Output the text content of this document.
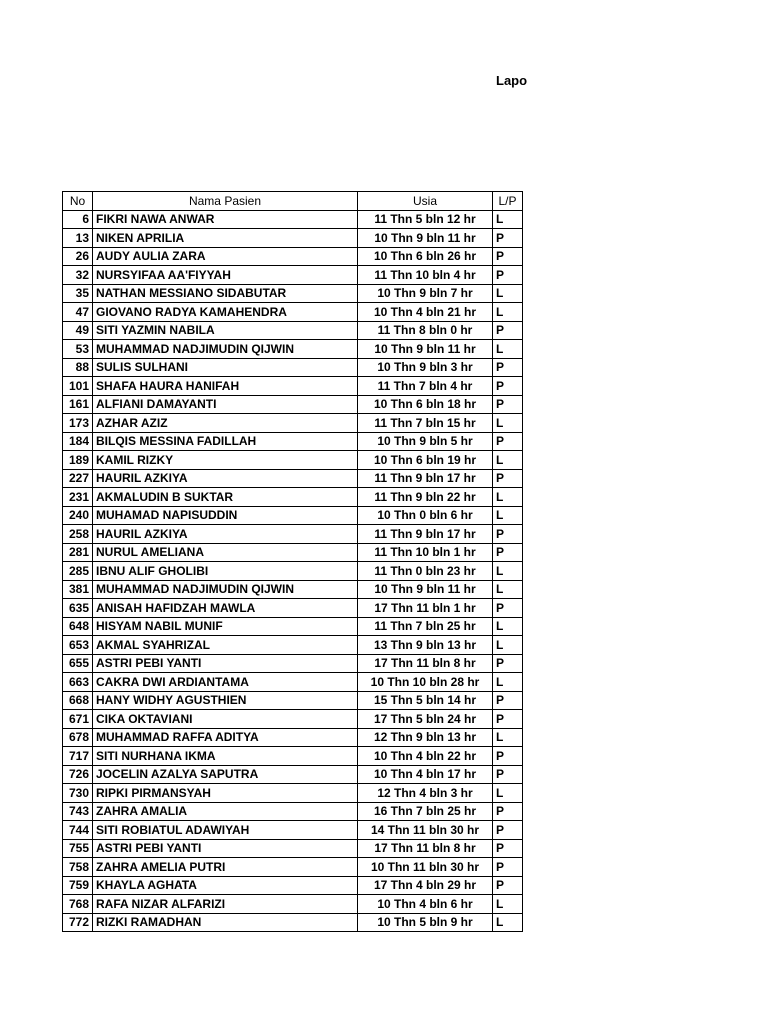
Lapo
No	Nama Pasien	Usia	L/P
6	FIKRI NAWA ANWAR	11 Thn 5 bln 12 hr	L
13	NIKEN APRILIA	10 Thn 9 bln 11 hr	P
26	AUDY AULIA ZARA	10 Thn 6 bln 26 hr	P
32	NURSYIFAA AA'FIYYAH	11 Thn 10 bln 4 hr	P
35	NATHAN MESSIANO SIDABUTAR	10 Thn 9 bln 7 hr	L
47	GIOVANO RADYA KAMAHENDRA	10 Thn 4 bln 21 hr	L
49	SITI YAZMIN NABILA	11 Thn 8 bln 0 hr	P
53	MUHAMMAD NADJIMUDIN QIJWIN	10 Thn 9 bln 11 hr	L
88	SULIS SULHANI	10 Thn 9 bln 3 hr	P
101	SHAFA HAURA HANIFAH	11 Thn 7 bln 4 hr	P
161	ALFIANI DAMAYANTI	10 Thn 6 bln 18 hr	P
173	AZHAR AZIZ	11 Thn 7 bln 15 hr	L
184	BILQIS MESSINA FADILLAH	10 Thn 9 bln 5 hr	P
189	KAMIL RIZKY	10 Thn 6 bln 19 hr	L
227	HAURIL AZKIYA	11 Thn 9 bln 17 hr	P
231	AKMALUDIN B SUKTAR	11 Thn 9 bln 22 hr	L
240	MUHAMAD NAPISUDDIN	10 Thn 0 bln 6 hr	L
258	HAURIL AZKIYA	11 Thn 9 bln 17 hr	P
281	NURUL AMELIANA	11 Thn 10 bln 1 hr	P
285	IBNU ALIF GHOLIBI	11 Thn 0 bln 23 hr	L
381	MUHAMMAD NADJIMUDIN QIJWIN	10 Thn 9 bln 11 hr	L
635	ANISAH HAFIDZAH MAWLA	17 Thn 11 bln 1 hr	P
648	HISYAM NABIL MUNIF	11 Thn 7 bln 25 hr	L
653	AKMAL SYAHRIZAL	13 Thn 9 bln 13 hr	L
655	ASTRI PEBI YANTI	17 Thn 11 bln 8 hr	P
663	CAKRA DWI ARDIANTAMA	10 Thn 10 bln 28 hr	L
668	HANY WIDHY AGUSTHIEN	15 Thn 5 bln 14 hr	P
671	CIKA OKTAVIANI	17 Thn 5 bln 24 hr	P
678	MUHAMMAD RAFFA ADITYA	12 Thn 9 bln 13 hr	L
717	SITI NURHANA IKMA	10 Thn 4 bln 22 hr	P
726	JOCELIN AZALYA SAPUTRA	10 Thn 4 bln 17 hr	P
730	RIPKI PIRMANSYAH	12 Thn 4 bln 3 hr	L
743	ZAHRA AMALIA	16 Thn 7 bln 25 hr	P
744	SITI ROBIATUL ADAWIYAH	14 Thn 11 bln 30 hr	P
755	ASTRI PEBI YANTI	17 Thn 11 bln 8 hr	P
758	ZAHRA AMELIA PUTRI	10 Thn 11 bln 30 hr	P
759	KHAYLA AGHATA	17 Thn 4 bln 29 hr	P
768	RAFA NIZAR ALFARIZI	10 Thn 4 bln 6 hr	L
772	RIZKI RAMADHAN	10 Thn 5 bln 9 hr	L
